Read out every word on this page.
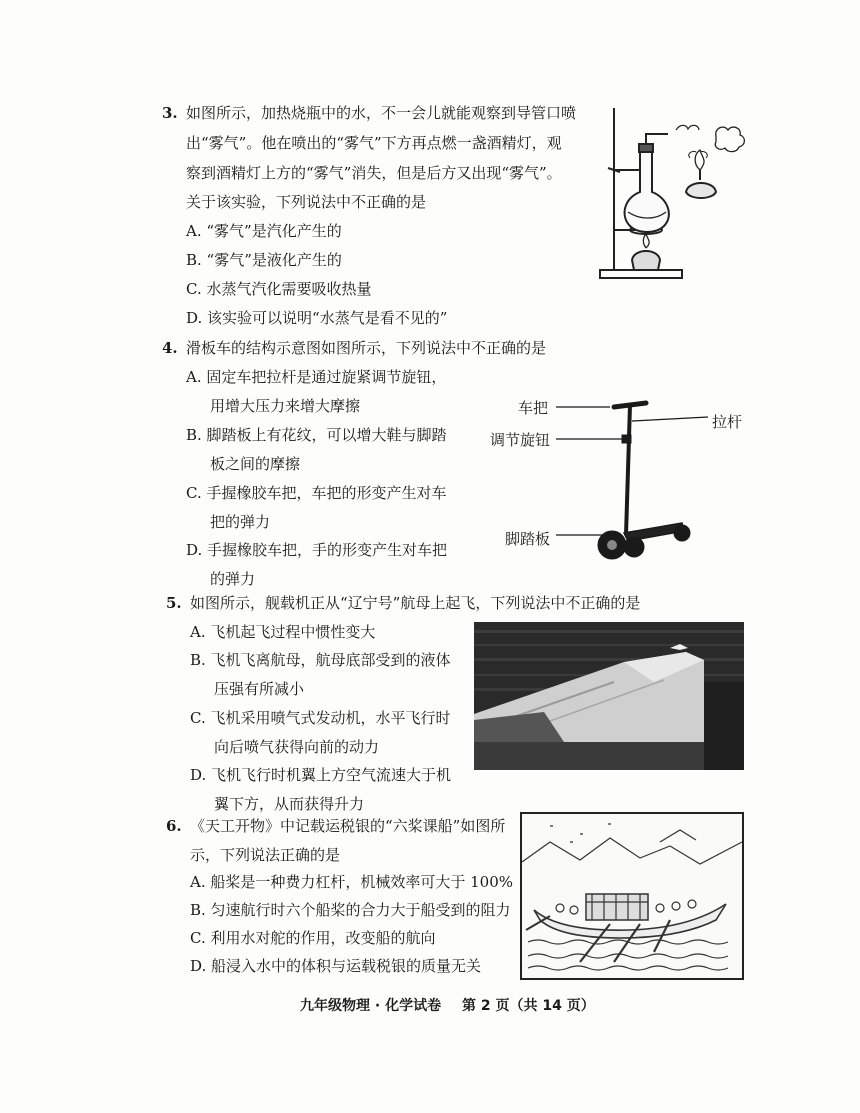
3. 如图所示，加热烧瓶中的水，不一会儿就能观察到导管口喷
出“雾气”。他在喷出的“雾气”下方再点燃一盏酒精灯，观
察到酒精灯上方的“雾气”消失，但是后方又出现“雾气”。
关于该实验，下列说法中不正确的是
A. “雾气”是汽化产生的
B. “雾气”是液化产生的
C. 水蒸气汽化需要吸收热量
D. 该实验可以说明“水蒸气是看不见的”
4. 滑板车的结构示意图如图所示，下列说法中不正确的是
A. 固定车把拉杆是通过旋紧调节旋钮，
用增大压力来增大摩擦
B. 脚踏板上有花纹，可以增大鞋与脚踏
板之间的摩擦
C. 手握橡胶车把，车把的形变产生对车
把的弹力
D. 手握橡胶车把，手的形变产生对车把
的弹力
车把
调节旋钮
拉杆
脚踏板
5. 如图所示，舰载机正从“辽宁号”航母上起飞，下列说法中不正确的是
A. 飞机起飞过程中惯性变大
B. 飞机飞离航母，航母底部受到的液体
压强有所减小
C. 飞机采用喷气式发动机，水平飞行时
向后喷气获得向前的动力
D. 飞机飞行时机翼上方空气流速大于机
翼下方，从而获得升力
6. 《天工开物》中记载运税银的“六桨课船”如图所
示，下列说法正确的是
A. 船桨是一种费力杠杆，机械效率可大于 100%
B. 匀速航行时六个船桨的合力大于船受到的阻力
C. 利用水对舵的作用，改变船的航向
D. 船浸入水中的体积与运载税银的质量无关
九年级物理 · 化学试卷 第 2 页（共 14 页）
